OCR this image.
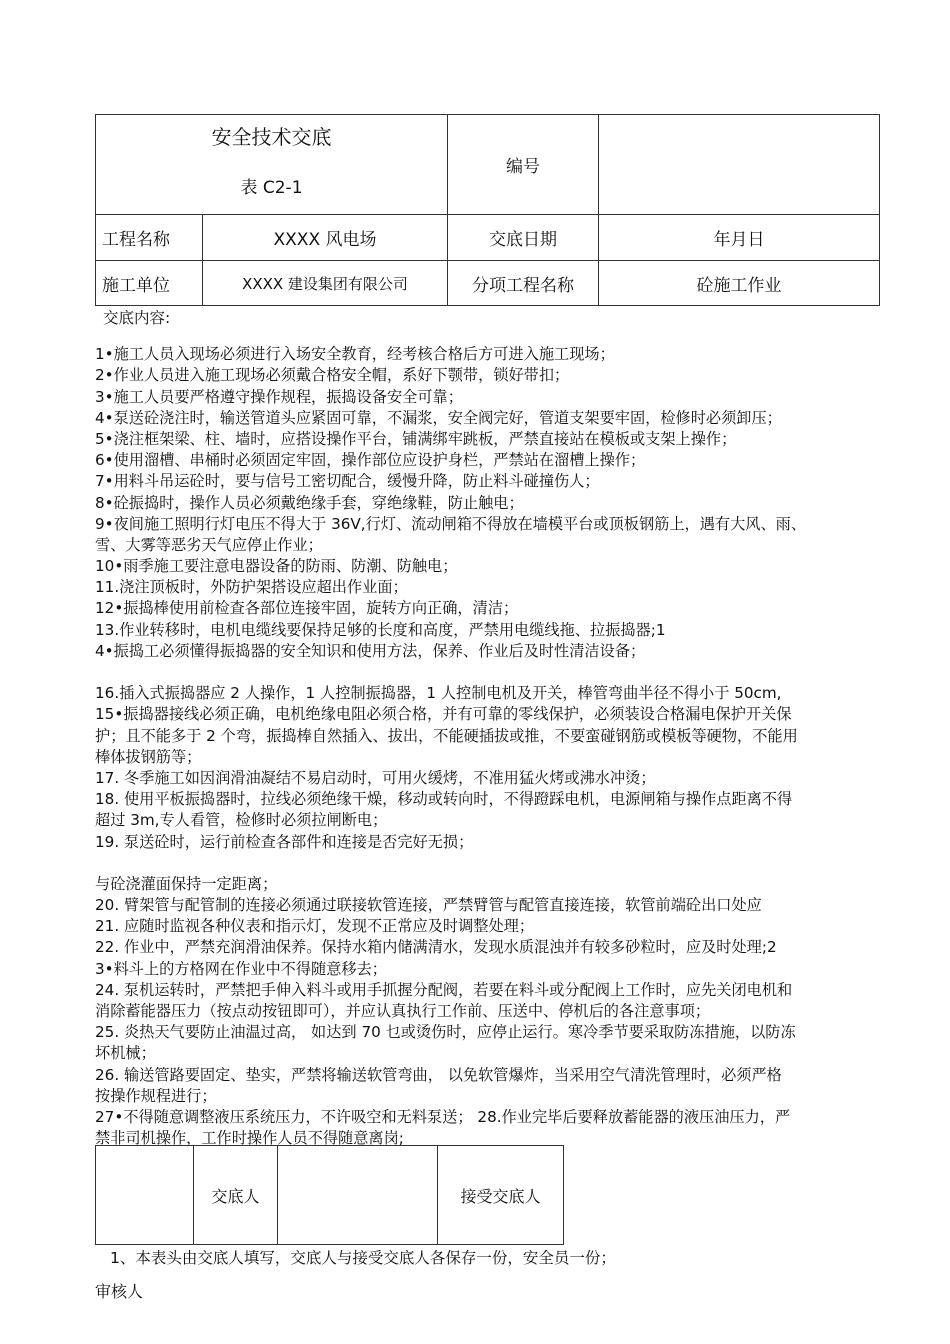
安全技术交底
表 C2-1		编号	
工程名称	XXXX 风电场	交底日期	年月日
施工单位	XXXX 建设集团有限公司	分项工程名称	砼施工作业
交底内容:
1•施工人员入现场必须进行入场安全教育，经考核合格后方可进入施工现场；
2•作业人员进入施工现场必须戴合格安全帽，系好下颚带，锁好带扣；
3•施工人员要严格遵守操作规程，振捣设备安全可靠；
4•泵送砼浇注时，输送管道头应紧固可靠，不漏浆，安全阀完好，管道支架要牢固，检修时必须卸压；
5•浇注框架梁、柱、墙时，应搭设操作平台，铺满绑牢跳板，严禁直接站在模板或支架上操作；
6•使用溜槽、串桶时必须固定牢固，操作部位应设护身栏，严禁站在溜槽上操作；
7•用料斗吊运砼时，要与信号工密切配合，缓慢升降，防止料斗碰撞伤人；
8•砼振捣时，操作人员必须戴绝缘手套，穿绝缘鞋，防止触电；
9•夜间施工照明行灯电压不得大于 36V,行灯、流动闸箱不得放在墙模平台或顶板钢筋上，遇有大风、雨、
雪、大雾等恶劣天气应停止作业；
10•雨季施工要注意电器设备的防雨、防潮、防触电；
11.浇注顶板时，外防护架搭设应超出作业面；
12•振捣棒使用前检查各部位连接牢固，旋转方向正确，清洁；
13.作业转移时，电机电缆线要保持足够的长度和高度，严禁用电缆线拖、拉振捣器;1
4•振捣工必须懂得振捣器的安全知识和使用方法，保养、作业后及时性清洁设备；
16.插入式振捣器应 2 人操作，1 人控制振捣器，1 人控制电机及开关，棒管弯曲半径不得小于 50cm,
15•振捣器接线必须正确，电机绝缘电阻必须合格，并有可靠的零线保护，必须装设合格漏电保护开关保
护；且不能多于 2 个弯，振捣棒自然插入、拔出，不能硬插拔或推，不要蛮碰钢筋或模板等硬物，不能用
棒体拔钢筋等；
17. 冬季施工如因润滑油凝结不易启动时，可用火缓烤，不准用猛火烤或沸水冲烫；
18. 使用平板振捣器时，拉线必须绝缘干燥，移动或转向时，不得蹬踩电机，电源闸箱与操作点距离不得
超过 3m,专人看管，检修时必须拉闸断电；
19. 泵送砼时，运行前检查各部件和连接是否完好无损；
与砼浇灌面保持一定距离；
20. 臂架管与配管制的连接必须通过联接软管连接，严禁臂管与配管直接连接，软管前端砼出口处应
21. 应随时监视各种仪表和指示灯，发现不正常应及时调整处理；
22. 作业中，严禁充润滑油保养。保持水箱内储满清水，发现水质混浊并有较多砂粒时，应及时处理;2
3•料斗上的方格网在作业中不得随意移去；
24. 泵机运转时，严禁把手伸入料斗或用手抓握分配阀，若要在料斗或分配阀上工作时，应先关闭电机和
消除蓄能器压力（按点动按钮即可），并应认真执行工作前、压送中、停机后的各注意事项；
25. 炎热天气要防止油温过高， 如达到 70 乜或烫伤时，应停止运行。寒冷季节要采取防冻措施，以防冻
坏机械；
26. 输送管路要固定、垫实，严禁将输送软管弯曲， 以免软管爆炸，当采用空气清洗管理时，必须严格
按操作规程进行；
27•不得随意调整液压系统压力，不许吸空和无料泵送； 28.作业完毕后要释放蓄能器的液压油压力，严
禁非司机操作，工作时操作人员不得随意离岗;
	交底人		接受交底人
1、本表头由交底人填写，交底人与接受交底人各保存一份，安全员一份；
审核人
